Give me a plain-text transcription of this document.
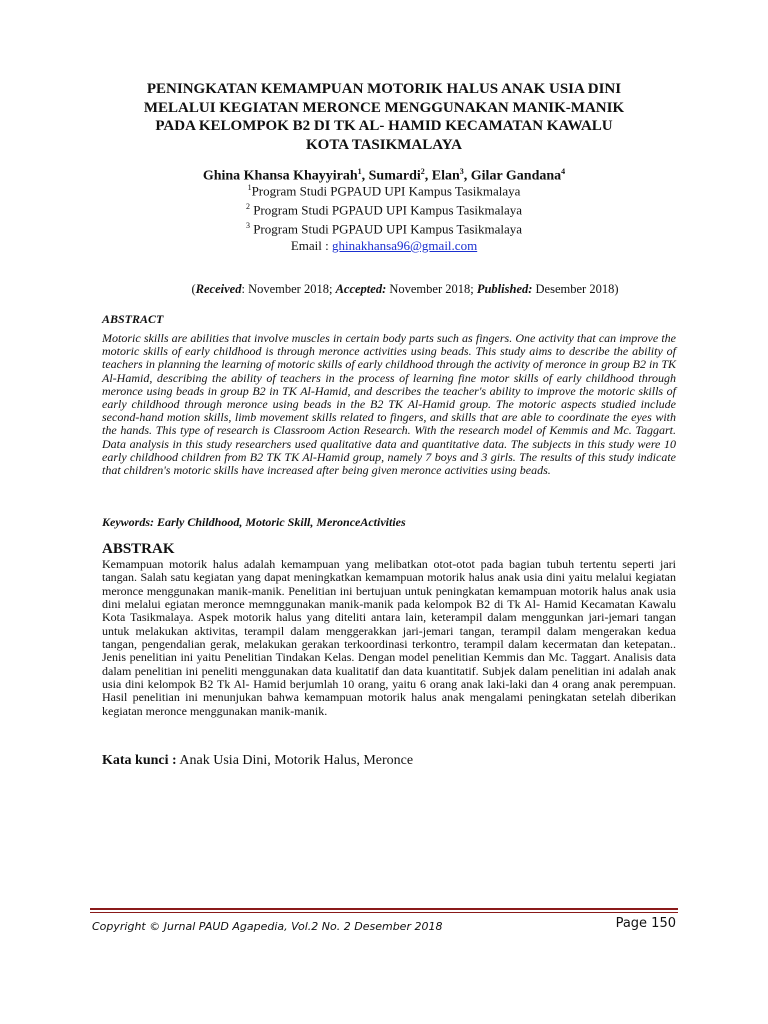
PENINGKATAN KEMAMPUAN MOTORIK HALUS ANAK USIA DINI
MELALUI KEGIATAN MERONCE MENGGUNAKAN MANIK-MANIK
PADA KELOMPOK B2 DI TK AL- HAMID KECAMATAN KAWALU
KOTA TASIKMALAYA
Ghina Khansa Khayyirah$^1$, Sumardi$^2$, Elan$^3$, Gilar Gandana$^4$
$^1$Program Studi PGPAUD UPI Kampus Tasikmalaya
$^2$ Program Studi PGPAUD UPI Kampus Tasikmalaya
$^3$ Program Studi PGPAUD UPI Kampus Tasikmalaya
Email : ghinakhansa96@gmail.com
(Received: November 2018; Accepted: November 2018; Published: Desember 2018)
ABSTRACT
Motoric skills are abilities that involve muscles in certain body parts such as fingers. One activity that can improve the motoric skills of early childhood is through meronce activities using beads. This study aims to describe the ability of teachers in planning the learning of motoric skills of early childhood through the activity of meronce in group B2 in TK Al-Hamid, describing the ability of teachers in the process of learning fine motor skills of early childhood through meronce using beads in group B2 in TK Al-Hamid, and describes the teacher's ability to improve the motoric skills of early childhood through meronce using beads in the B2 TK Al-Hamid group. The motoric aspects studied include second-hand motion skills, limb movement skills related to fingers, and skills that are able to coordinate the eyes with the hands. This type of research is Classroom Action Research. With the research model of Kemmis and Mc. Taggart. Data analysis in this study researchers used qualitative data and quantitative data. The subjects in this study were 10 early childhood children from B2 TK TK Al-Hamid group, namely 7 boys and 3 girls. The results of this study indicate that children's motoric skills have increased after being given meronce activities using beads.
Keywords: Early Childhood, Motoric Skill, MeronceActivities
ABSTRAK
Kemampuan motorik halus adalah kemampuan yang melibatkan otot-otot pada bagian tubuh tertentu seperti jari tangan. Salah satu kegiatan yang dapat meningkatkan kemampuan motorik halus anak usia dini yaitu melalui kegiatan meronce menggunakan manik-manik. Penelitian ini bertujuan untuk peningkatan kemampuan motorik halus anak usia dini melalui egiatan meronce memnggunakan manik-manik pada kelompok B2 di Tk Al- Hamid Kecamatan Kawalu Kota Tasikmalaya. Aspek motorik halus yang diteliti antara lain, keterampil dalam menggunkan jari-jemari tangan untuk melakukan aktivitas, terampil dalam menggerakkan jari-jemari tangan, terampil dalam mengerakan kedua tangan, pengendalian gerak, melakukan gerakan terkoordinasi terkontro, terampil dalam kecermatan dan ketepatan.. Jenis penelitian ini yaitu Penelitian Tindakan Kelas. Dengan model penelitian Kemmis dan Mc. Taggart. Analisis data dalam penelitian ini peneliti menggunakan data kualitatif dan data kuantitatif. Subjek dalam penelitian ini adalah anak usia dini kelompok B2 Tk Al- Hamid berjumlah 10 orang, yaitu 6 orang anak laki-laki dan 4 orang anak perempuan. Hasil penelitian ini menunjukan bahwa kemampuan motorik halus anak mengalami peningkatan setelah diberikan kegiatan meronce menggunakan manik-manik.
Kata kunci : Anak Usia Dini, Motorik Halus, Meronce
Copyright © Jurnal PAUD Agapedia, Vol.2 No. 2 Desember 2018	Page 150
